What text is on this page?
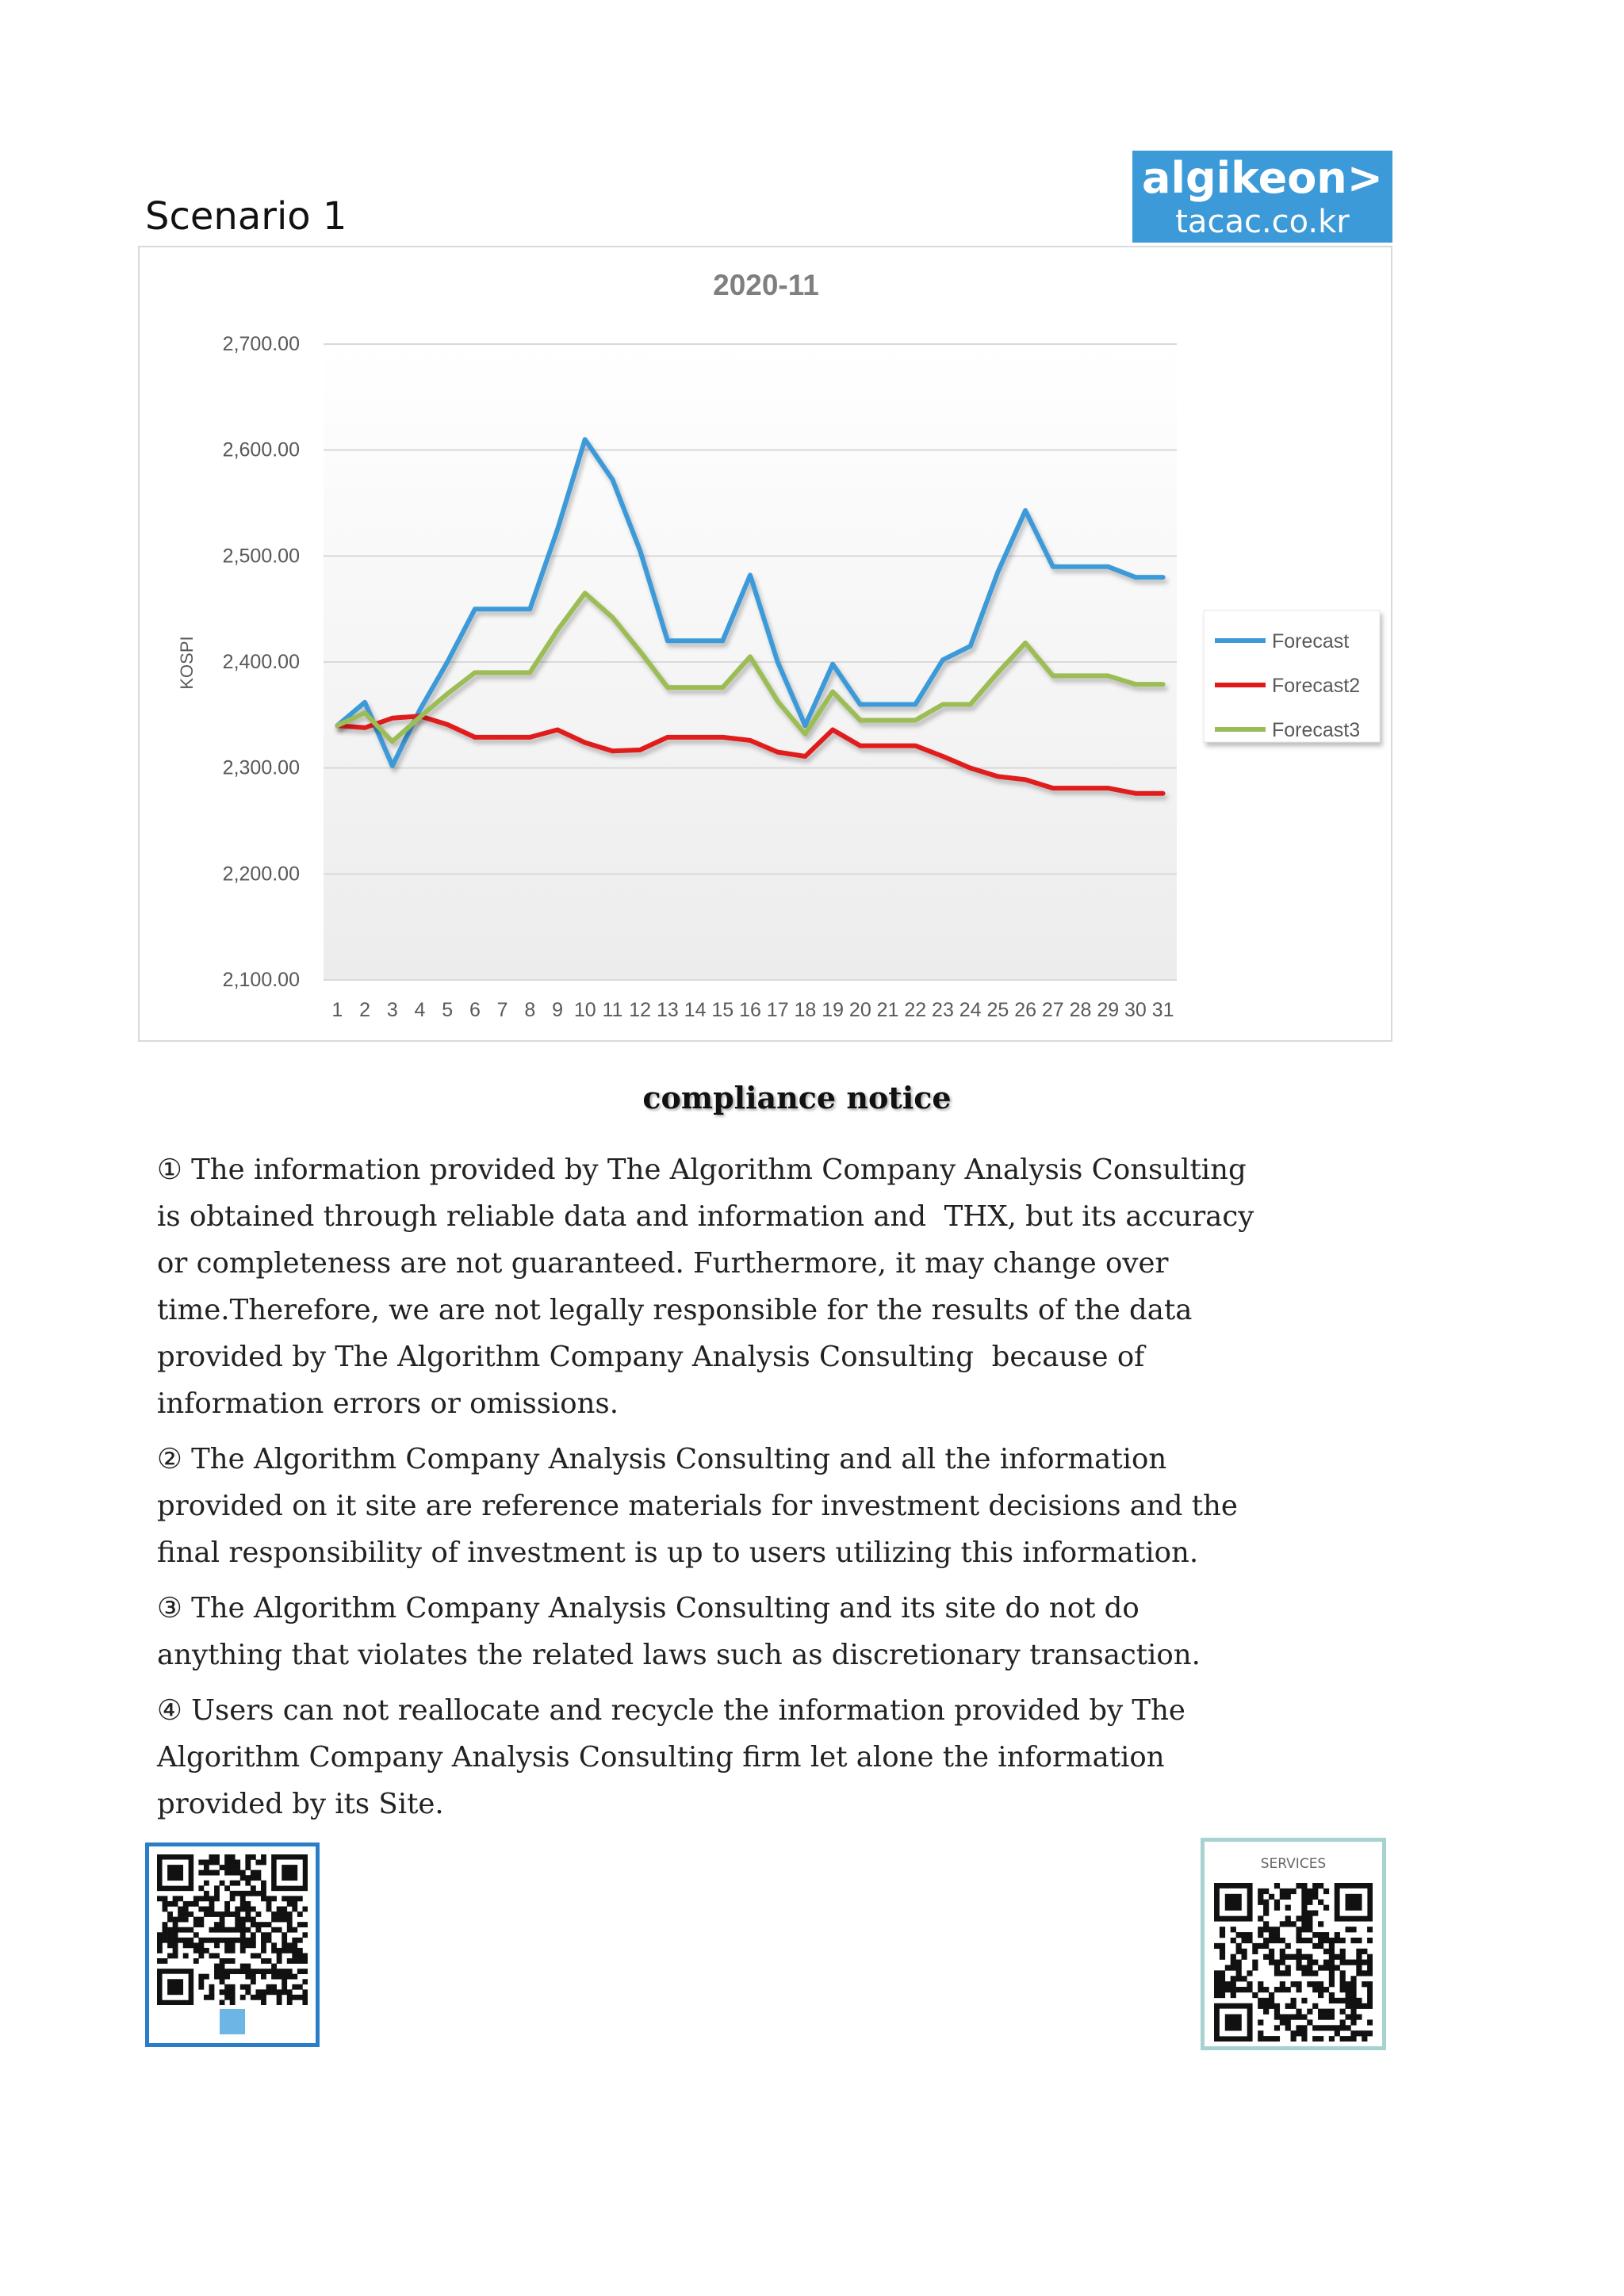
Scenario 1
algikeon>
tacac.co.kr
2020-11
KOSPI
2,100.00
2,200.00
2,300.00
2,400.00
2,500.00
2,600.00
2,700.00
1 2 3 4 5 6 7 8 9 10 11 12 13 14 15 16 17 18 19 20 21 22 23 24 25 26 27 28 29 30 31
Forecast
Forecast2
Forecast3
compliance notice

① The information provided by The Algorithm Company Analysis Consulting
is obtained through reliable data and information and  THX, but its accuracy
or completeness are not guaranteed. Furthermore, it may change over
time.Therefore, we are not legally responsible for the results of the data
provided by The Algorithm Company Analysis Consulting  because of
information errors or omissions.

② The Algorithm Company Analysis Consulting and all the information
provided on it site are reference materials for investment decisions and the
final responsibility of investment is up to users utilizing this information.

③ The Algorithm Company Analysis Consulting and its site do not do
anything that violates the related laws such as discretionary transaction.

④ Users can not reallocate and recycle the information provided by The
Algorithm Company Analysis Consulting firm let alone the information
provided by its Site.

SERVICES
